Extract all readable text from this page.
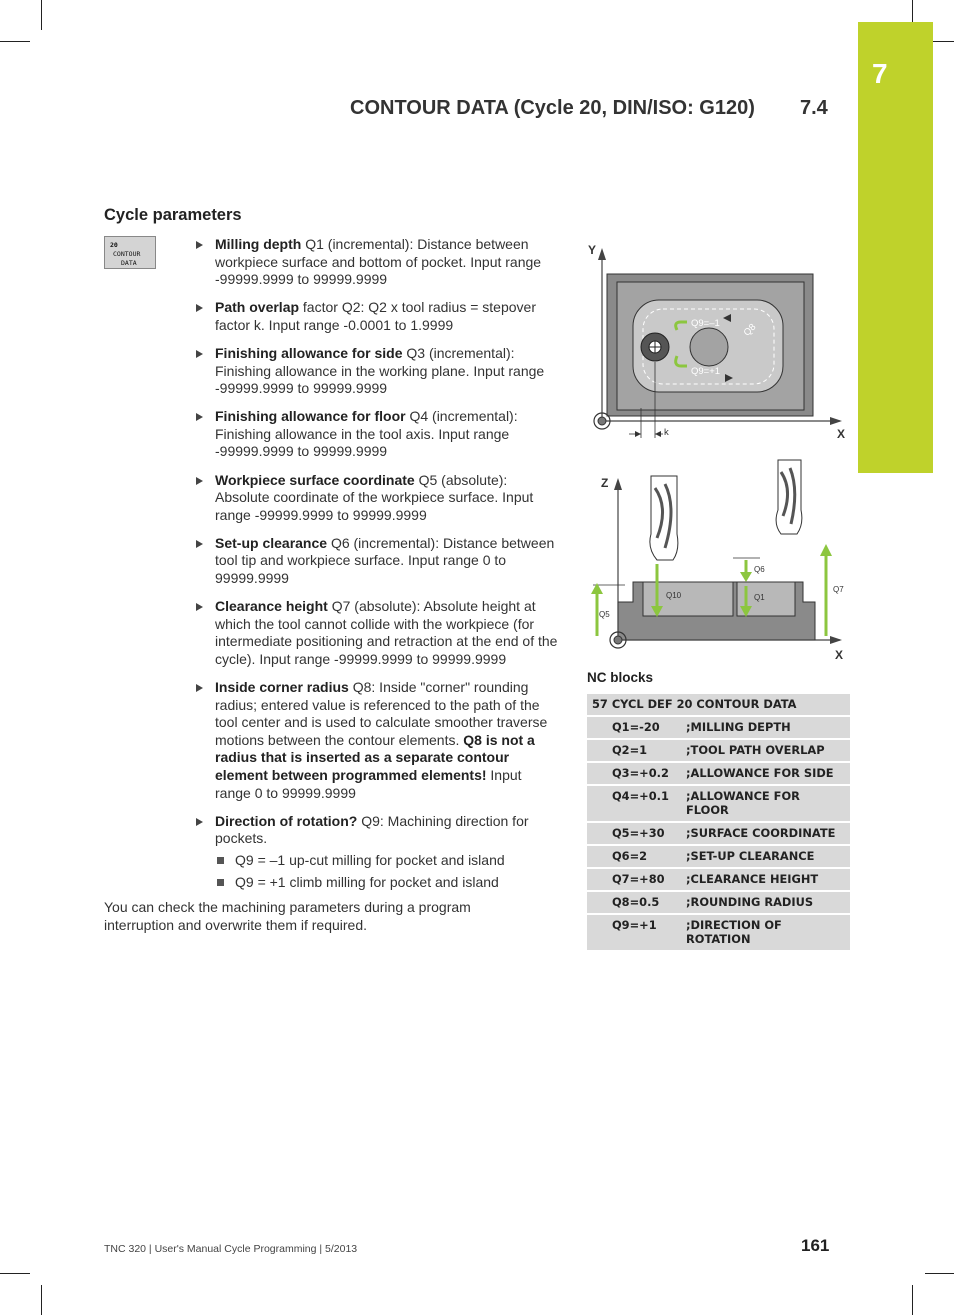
7
CONTOUR DATA (Cycle 20, DIN/ISO: G120) 7.4
Cycle parameters
20
CONTOUR
DATA
Milling depth Q1 (incremental): Distance between workpiece surface and bottom of pocket. Input range -99999.9999 to 99999.9999
Path overlap factor Q2: Q2 x tool radius = stepover factor k. Input range -0.0001 to 1.9999
Finishing allowance for side Q3 (incremental): Finishing allowance in the working plane. Input range -99999.9999 to 99999.9999
Finishing allowance for floor Q4 (incremental): Finishing allowance in the tool axis. Input range -99999.9999 to 99999.9999
Workpiece surface coordinate Q5 (absolute): Absolute coordinate of the workpiece surface. Input range -99999.9999 to 99999.9999
Set-up clearance Q6 (incremental): Distance between tool tip and workpiece surface. Input range 0 to 99999.9999
Clearance height Q7 (absolute): Absolute height at which the tool cannot collide with the workpiece (for intermediate positioning and retraction at the end of the cycle). Input range -99999.9999 to 99999.9999
Inside corner radius Q8: Inside "corner" rounding radius; entered value is referenced to the path of the tool center and is used to calculate smoother traverse motions between the contour elements. Q8 is not a radius that is inserted as a separate contour element between programmed elements! Input range 0 to 99999.9999
Direction of rotation? Q9: Machining direction for pockets.
Q9 = –1 up-cut milling for pocket and island
Q9 = +1 climb milling for pocket and island
You can check the machining parameters during a program interruption and overwrite them if required.
Y
X
Q9=–1
Q9=+1
Q8
k
Z
X
Q5
Q10
Q6
Q1
Q7
NC blocks
57 CYCL DEF 20 CONTOUR DATA	
Q1=-20	;MILLING DEPTH
Q2=1	;TOOL PATH OVERLAP
Q3=+0.2	;ALLOWANCE FOR SIDE
Q4=+0.1	;ALLOWANCE FOR FLOOR
Q5=+30	;SURFACE COORDINATE
Q6=2	;SET-UP CLEARANCE
Q7=+80	;CLEARANCE HEIGHT
Q8=0.5	;ROUNDING RADIUS
Q9=+1	;DIRECTION OF ROTATION
TNC 320 | User's Manual Cycle Programming | 5/2013	161
